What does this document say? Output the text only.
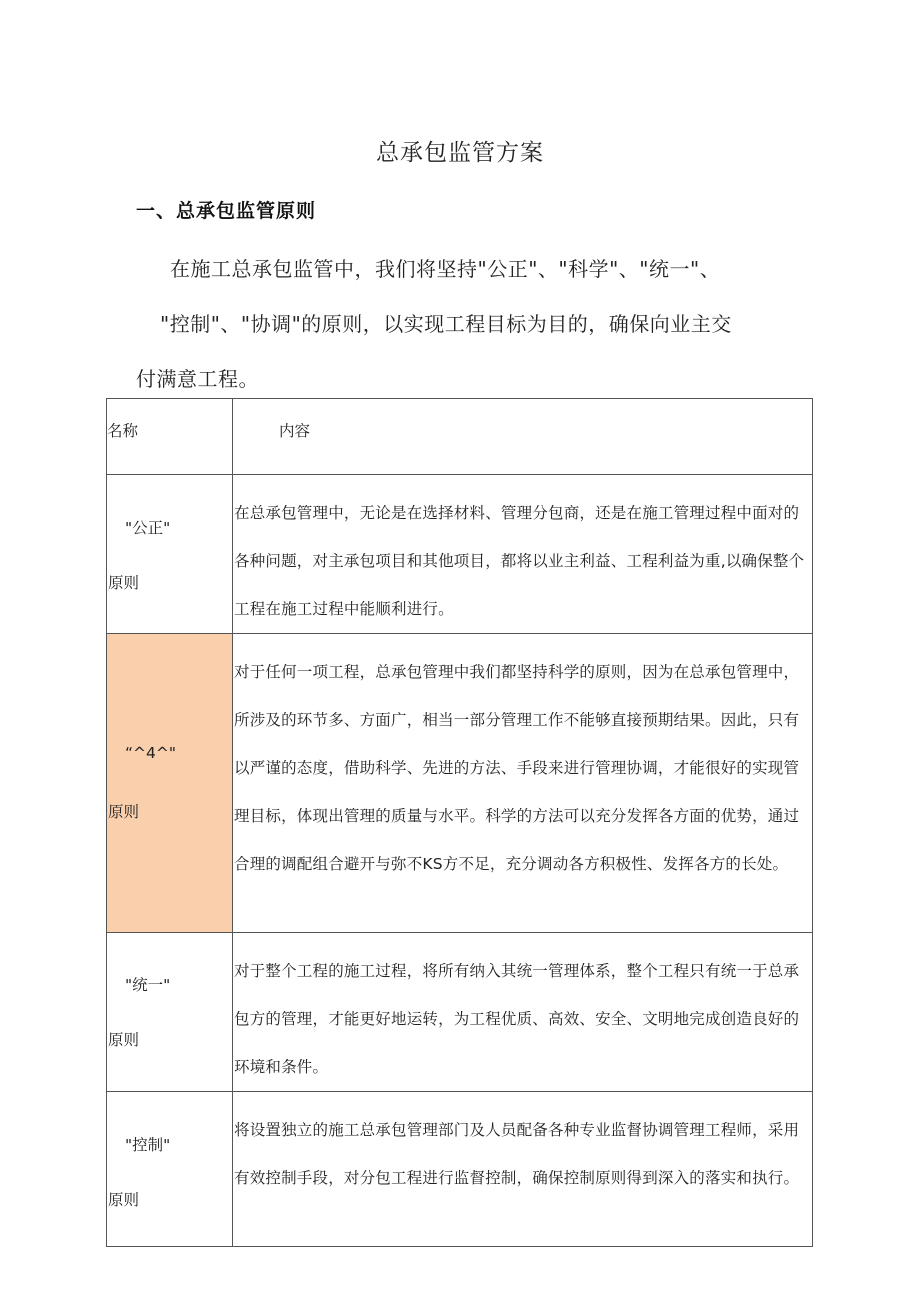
总承包监管方案
一、总承包监管原则
在施工总承包监管中，我们将坚持"公正"、"科学"、"统一"、
"控制"、"协调"的原则，以实现工程目标为目的，确保向业主交
付满意工程。
名称	内容

"公正"
原则	在总承包管理中，无论是在选择材料、管理分包商，还是在施工管理过程中面对的各种问题，对主承包项目和其他项目，都将以业主利益、工程利益为重,以确保整个工程在施工过程中能顺利进行。

“^4^"
原则	对于任何一项工程，总承包管理中我们都坚持科学的原则，因为在总承包管理中，所涉及的环节多、方面广，相当一部分管理工作不能够直接预期结果。因此，只有以严谨的态度，借助科学、先进的方法、手段来进行管理协调，才能很好的实现管理目标，体现出管理的质量与水平。科学的方法可以充分发挥各方面的优势，通过合理的调配组合避开与弥不KS方不足，充分调动各方积极性、发挥各方的长处。

"统一"
原则	对于整个工程的施工过程，将所有纳入其统一管理体系，整个工程只有统一于总承包方的管理，才能更好地运转，为工程优质、高效、安全、文明地完成创造良好的环境和条件。

"控制"
原则	将设置独立的施工总承包管理部门及人员配备各种专业监督协调管理工程师，采用有效控制手段，对分包工程进行监督控制，确保控制原则得到深入的落实和执行。
